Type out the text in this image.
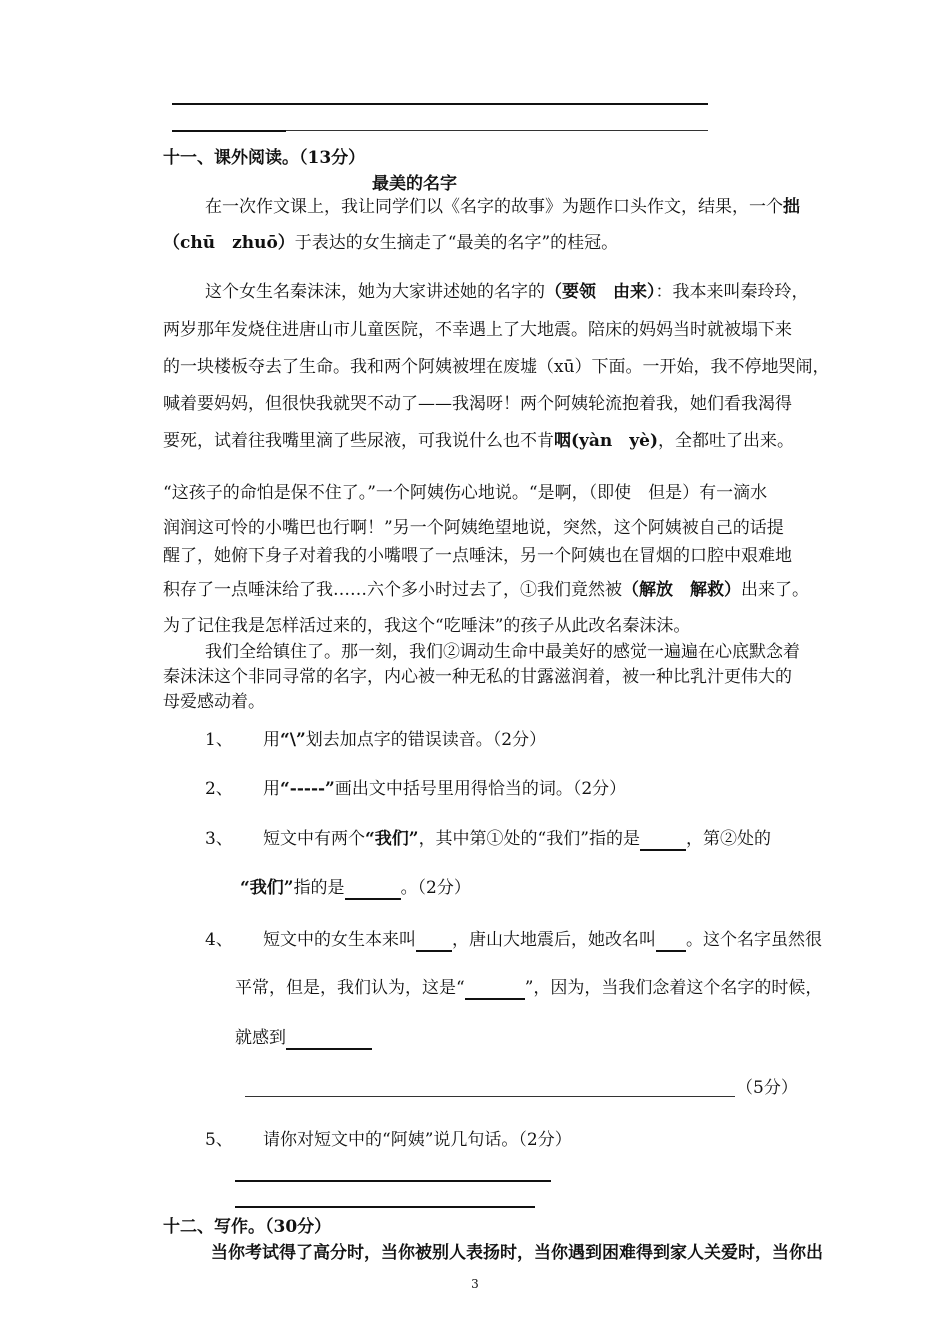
十一、课外阅读。（13分）
最美的名字
在一次作文课上，我让同学们以《名字的故事》为题作口头作文，结果，一个拙
（chū　zhuō）于表达的女生摘走了“最美的名字”的桂冠。
这个女生名秦沫沫，她为大家讲述她的名字的（要领　由来）：我本来叫秦玲玲，
两岁那年发烧住进唐山市儿童医院，不幸遇上了大地震。陪床的妈妈当时就被塌下来
的一块楼板夺去了生命。我和两个阿姨被埋在废墟（xū）下面。一开始，我不停地哭闹，
喊着要妈妈，但很快我就哭不动了——我渴呀！两个阿姨轮流抱着我，她们看我渴得
要死，试着往我嘴里滴了些尿液，可我说什么也不肯咽(yàn　yè)，全都吐了出来。
“这孩子的命怕是保不住了。”一个阿姨伤心地说。“是啊，（即使　但是）有一滴水
润润这可怜的小嘴巴也行啊！”另一个阿姨绝望地说，突然，这个阿姨被自己的话提
醒了，她俯下身子对着我的小嘴喂了一点唾沫，另一个阿姨也在冒烟的口腔中艰难地
积存了一点唾沫给了我……六个多小时过去了，①我们竟然被（解放　解救）出来了。
为了记住我是怎样活过来的，我这个“吃唾沫”的孩子从此改名秦沫沫。
我们全给镇住了。那一刻，我们②调动生命中最美好的感觉一遍遍在心底默念着
秦沫沫这个非同寻常的名字，内心被一种无私的甘露滋润着，被一种比乳汁更伟大的
母爱感动着。
1、 用“\”划去加点字的错误读音。（2分）
2、 用“-----”画出文中括号里用得恰当的词。（2分）
3、 短文中有两个“我们”，其中第①处的“我们”指的是	，第②处的
“我们”指的是	。（2分）
4、 短文中的女生本来叫 ，唐山大地震后，她改名叫 。这个名字虽然很
平常，但是，我们认为，这是“	”，因为，当我们念着这个名字的时候，
就感到
（5分）
5、 请你对短文中的“阿姨”说几句话。（2分）
十二、写作。（30分）
当你考试得了高分时，当你被别人表扬时，当你遇到困难得到家人关爱时，当你出
3
